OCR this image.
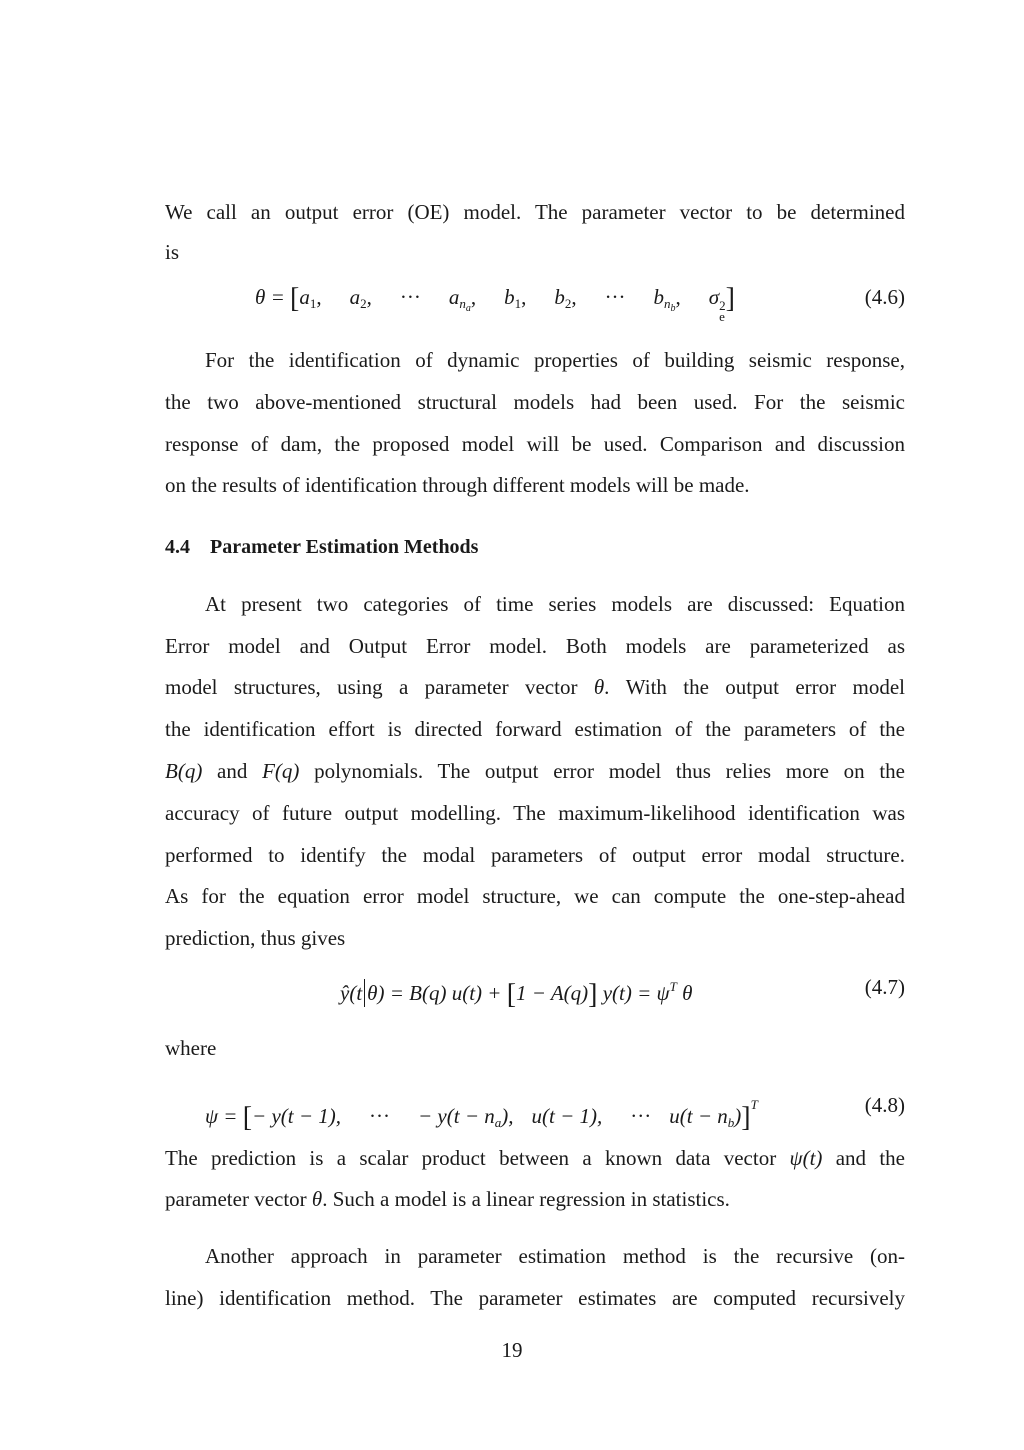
We call an output error (OE) model. The parameter vector to be determined
is
θ = [a1, a2, ··· $a_{na}$, b1, b2, ··· $b_{nb}$, σ 2
e
]	(4.6)
For the identification of dynamic properties of building seismic response,
the two above-mentioned structural models had been used. For the seismic
response of dam, the proposed model will be used. Comparison and discussion
on the results of identification through different models will be made.
4.4 Parameter Estimation Methods
At present two categories of time series models are discussed: Equation
Error model and Output Error model. Both models are parameterized as
model structures, using a parameter vector θ. With the output error model
the identification effort is directed forward estimation of the parameters of the
B(q) and F(q) polynomials. The output error model thus relies more on the
accuracy of future output modelling. The maximum-likelihood identification was
performed to identify the modal parameters of output error modal structure.
As for the equation error model structure, we can compute the one-step-ahead
prediction, thus gives
ŷ(t θ) = B(q) u(t) + [1 − A(q)] $y(t) = \psi^T$ θ	(4.7)
where
ψ = [− y(t − 1), ··· − $y(t - n_a)$, u(t − 1), ··· $u(t - n_b)]^T$	(4.8)
The prediction is a scalar product between a known data vector ψ(t) and the
parameter vector θ. Such a model is a linear regression in statistics.
Another approach in parameter estimation method is the recursive (on-
line) identification method. The parameter estimates are computed recursively
19
